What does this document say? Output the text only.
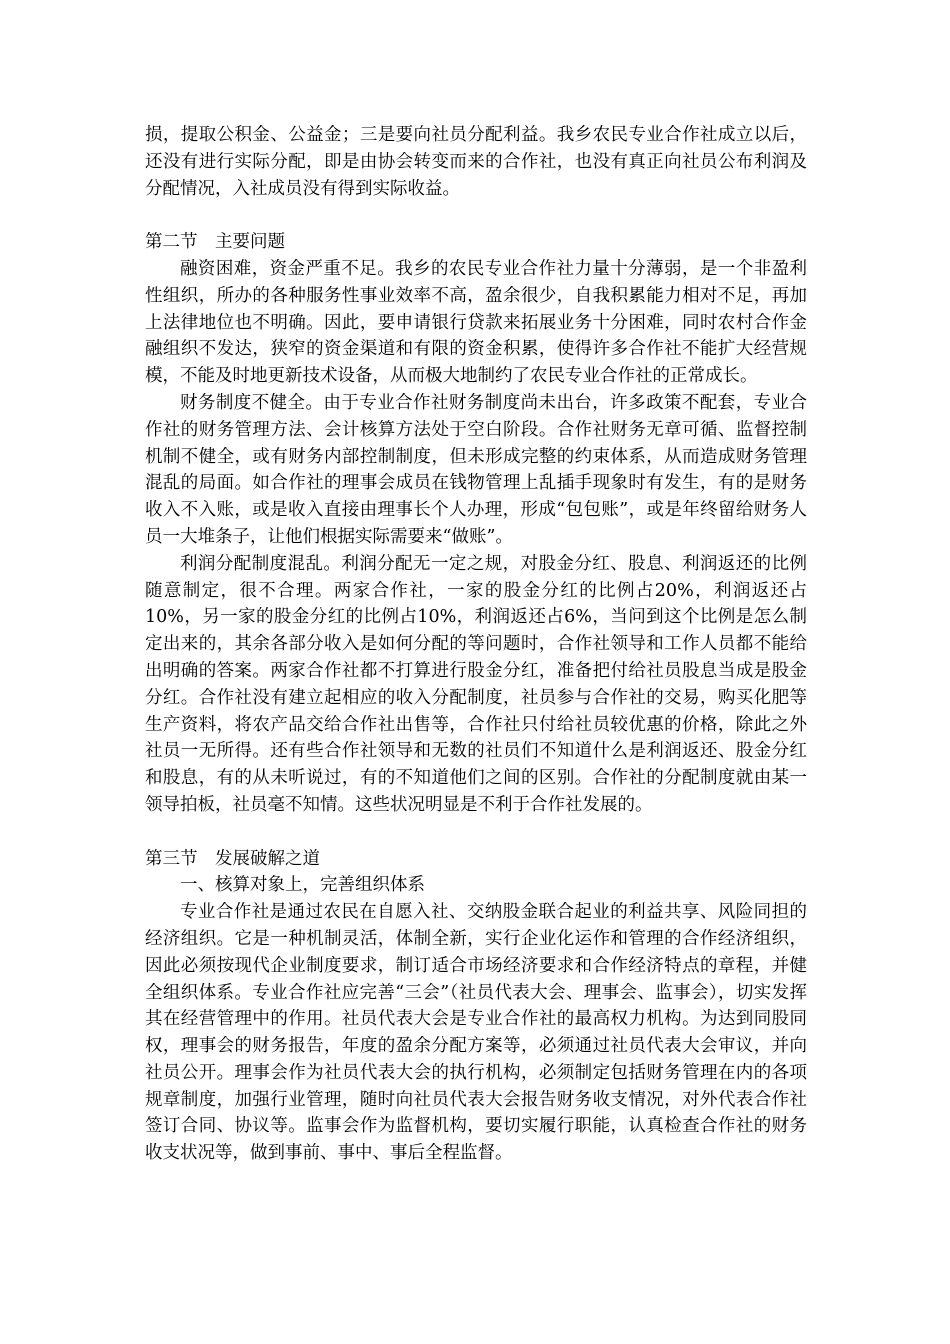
损，提取公积金、公益金；三是要向社员分配利益。我乡农民专业合作社成立以后，还没有进行实际分配，即是由协会转变而来的合作社，也没有真正向社员公布利润及分配情况，入社成员没有得到实际收益。

第二节　主要问题

融资困难，资金严重不足。我乡的农民专业合作社力量十分薄弱，是一个非盈利性组织，所办的各种服务性事业效率不高，盈余很少，自我积累能力相对不足，再加上法律地位也不明确。因此，要申请银行贷款来拓展业务十分困难，同时农村合作金融组织不发达，狭窄的资金渠道和有限的资金积累，使得许多合作社不能扩大经营规模，不能及时地更新技术设备，从而极大地制约了农民专业合作社的正常成长。

财务制度不健全。由于专业合作社财务制度尚未出台，许多政策不配套，专业合作社的财务管理方法、会计核算方法处于空白阶段。合作社财务无章可循、监督控制机制不健全，或有财务内部控制制度，但未形成完整的约束体系，从而造成财务管理混乱的局面。如合作社的理事会成员在钱物管理上乱插手现象时有发生，有的是财务收入不入账，或是收入直接由理事长个人办理，形成“包包账”，或是年终留给财务人员一大堆条子，让他们根据实际需要来“做账”。

利润分配制度混乱。利润分配无一定之规，对股金分红、股息、利润返还的比例随意制定，很不合理。两家合作社，一家的股金分红的比例占20%，利润返还占10%，另一家的股金分红的比例占10%，利润返还占6%，当问到这个比例是怎么制定出来的，其余各部分收入是如何分配的等问题时，合作社领导和工作人员都不能给出明确的答案。两家合作社都不打算进行股金分红，准备把付给社员股息当成是股金分红。合作社没有建立起相应的收入分配制度，社员参与合作社的交易，购买化肥等生产资料，将农产品交给合作社出售等，合作社只付给社员较优惠的价格，除此之外社员一无所得。还有些合作社领导和无数的社员们不知道什么是利润返还、股金分红和股息，有的从未听说过，有的不知道他们之间的区别。合作社的分配制度就由某一领导拍板，社员毫不知情。这些状况明显是不利于合作社发展的。

第三节　发展破解之道

一、核算对象上，完善组织体系

专业合作社是通过农民在自愿入社、交纳股金联合起业的利益共享、风险同担的经济组织。它是一种机制灵活，体制全新，实行企业化运作和管理的合作经济组织，因此必须按现代企业制度要求，制订适合市场经济要求和合作经济特点的章程，并健全组织体系。专业合作社应完善“三会”（社员代表大会、理事会、监事会），切实发挥其在经营管理中的作用。社员代表大会是专业合作社的最高权力机构。为达到同股同权，理事会的财务报告，年度的盈余分配方案等，必须通过社员代表大会审议，并向社员公开。理事会作为社员代表大会的执行机构，必须制定包括财务管理在内的各项规章制度，加强行业管理，随时向社员代表大会报告财务收支情况，对外代表合作社签订合同、协议等。监事会作为监督机构，要切实履行职能，认真检查合作社的财务收支状况等，做到事前、事中、事后全程监督。
